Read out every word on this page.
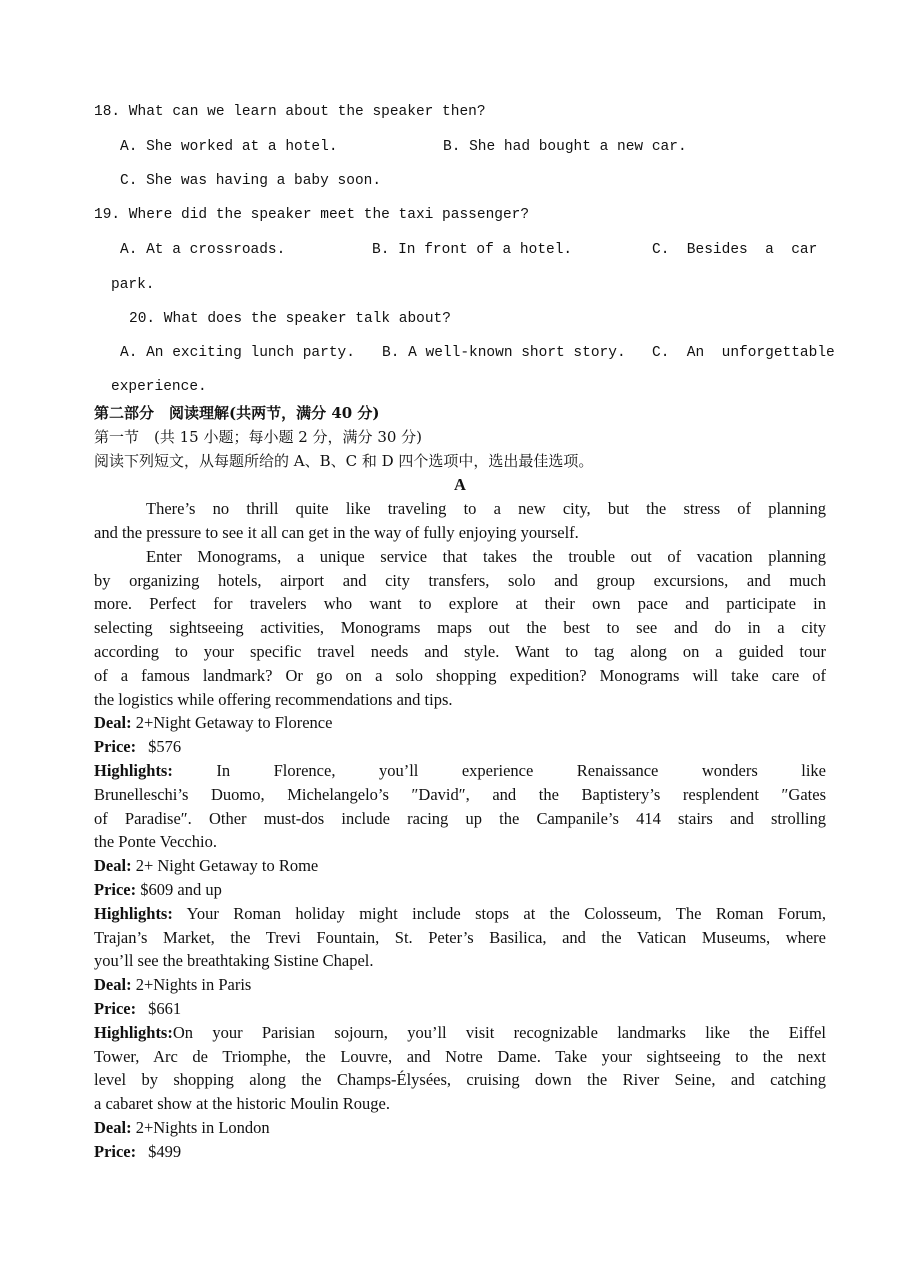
18. What can we learn about the speaker then?
A. She worked at a hotel.	B. She had bought a new car.
C. She was having a baby soon.
19. Where did the speaker meet the taxi passenger?
A. At a crossroads.	B. In front of a hotel.	C.  Besides  a  car
park.
20. What does the speaker talk about?
A. An exciting lunch party. B. A well-known short story. C.  An  unforgettable
experience.
第二部分　阅读理解(共两节，满分 40 分)
第一节　(共 15 小题；每小题 2 分，满分 30 分)
阅读下列短文，从每题所给的 A、B、C 和 D 四个选项中，选出最佳选项。
A
There’s no thrill quite like traveling to a new city, but the stress of planning
and the pressure to see it all can get in the way of fully enjoying yourself.
Enter Monograms, a unique service that takes the trouble out of vacation planning
by organizing hotels, airport and city transfers, solo and group excursions, and much
more. Perfect for travelers who want to explore at their own pace and participate in
selecting sightseeing activities, Monograms maps out the best to see and do in a city
according to your specific travel needs and style. Want to tag along on a guided tour
of a famous landmark? Or go on a solo shopping expedition? Monograms will take care of
the logistics while offering recommendations and tips.
Deal: 2+Night Getaway to Florence
Price: $576
Highlights:	In Florence, you’ll experience Renaissance wonders like
Brunelleschi’s Duomo, Michelangelo’s ″David″, and the Baptistery’s resplendent ″Gates
of Paradise″. Other must-dos include racing up the Campanile’s 414 stairs and strolling
the Ponte Vecchio.
Deal: 2+ Night Getaway to Rome
Price: $609 and up
Highlights: Your Roman holiday might include stops at the Colosseum, The Roman Forum,
Trajan’s Market, the Trevi Fountain, St. Peter’s Basilica, and the Vatican Museums, where
you’ll see the breathtaking Sistine Chapel.
Deal: 2+Nights in Paris
Price: $661
Highlights:On your Parisian sojourn, you’ll visit recognizable landmarks like the Eiffel
Tower, Arc de Triomphe, the Louvre, and Notre Dame. Take your sightseeing to the next
level by shopping along the Champs-Élysées, cruising down the River Seine, and catching
a cabaret show at the historic Moulin Rouge.
Deal: 2+Nights in London
Price: $499
